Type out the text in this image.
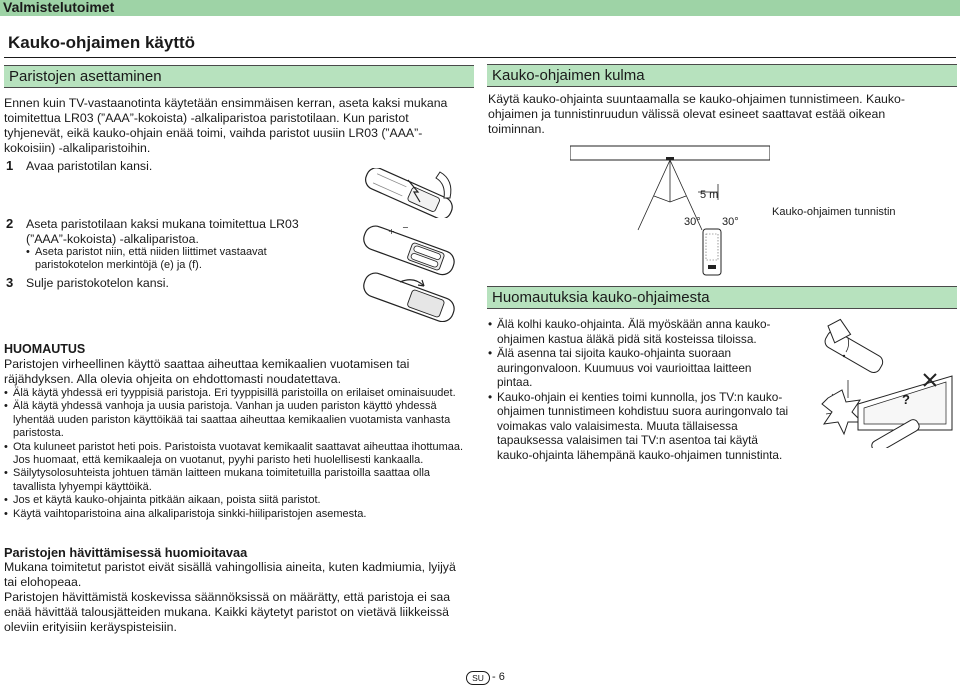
Valmistelutoimet
Kauko-ohjaimen käyttö
Paristojen asettaminen
Ennen kuin TV-vastaanotinta käytetään ensimmäisen kerran, aseta kaksi mukana toimitettua LR03 (”AAA”-kokoista) -alkaliparistoa paristotilaan. Kun paristot tyhjenevät, eikä kauko-ohjain enää toimi, vaihda paristot uusiin LR03 (”AAA”-kokoisiin) -alkaliparistoihin.
1 Avaa paristotilan kansi.
2 Aseta paristotilaan kaksi mukana toimitettua LR03 (”AAA”-kokoista) -alkaliparistoa.
• Aseta paristot niin, että niiden liittimet vastaavat paristokotelon merkintöjä (e) ja (f).
3 Sulje paristokotelon kansi.
+ −
HUOMAUTUS
Paristojen virheellinen käyttö saattaa aiheuttaa kemikaalien vuotamisen tai räjähdyksen. Alla olevia ohjeita on ehdottomasti noudatettava.
• Älä käytä yhdessä eri tyyppisiä paristoja. Eri tyyppisillä paristoilla on erilaiset ominaisuudet.
• Älä käytä yhdessä vanhoja ja uusia paristoja. Vanhan ja uuden pariston käyttö yhdessä lyhentää uuden pariston käyttöikää tai saattaa aiheuttaa kemikaalien vuotamista vanhasta paristosta.
• Ota kuluneet paristot heti pois. Paristoista vuotavat kemikaalit saattavat aiheuttaa ihottumaa. Jos huomaat, että kemikaaleja on vuotanut, pyyhi paristo heti huolellisesti kankaalla.
• Säilytysolosuhteista johtuen tämän laitteen mukana toimitetuilla paristoilla saattaa olla tavallista lyhyempi käyttöikä.
• Jos et käytä kauko-ohjainta pitkään aikaan, poista siitä paristot.
• Käytä vaihtoparistoina aina alkaliparistoja sinkki-hiiliparistojen asemesta.
Paristojen hävittämisessä huomioitavaa
Mukana toimitetut paristot eivät sisällä vahingollisia aineita, kuten kadmiumia, lyijyä tai elohopeaa.
Paristojen hävittämistä koskevissa säännöksissä on määrätty, että paristoja ei saa enää hävittää talousjätteiden mukana. Kaikki käytetyt paristot on vietävä liikkeissä oleviin erityisiin keräyspisteisiin.
Kauko-ohjaimen kulma
Käytä kauko-ohjainta suuntaamalla se kauko-ohjaimen tunnistimeen. Kauko-ohjaimen ja tunnistinruudun välissä olevat esineet saattavat estää oikean toiminnan.
5 m
30° 30°
Kauko-ohjaimen tunnistin
Huomautuksia kauko-ohjaimesta
• Älä kolhi kauko-ohjainta. Älä myöskään anna kauko-ohjaimen kastua äläkä pidä sitä kosteissa tiloissa.
• Älä asenna tai sijoita kauko-ohjainta suoraan auringonvaloon. Kuumuus voi vaurioittaa laitteen pintaa.
• Kauko-ohjain ei kenties toimi kunnolla, jos TV:n kauko-ohjaimen tunnistimeen kohdistuu suora auringonvalo tai voimakas valo valaisimesta. Muuta tällaisessa tapauksessa valaisimen tai TV:n asentoa tai käytä kauko-ohjainta lähempänä kauko-ohjaimen tunnistinta.
?
SU - 6
